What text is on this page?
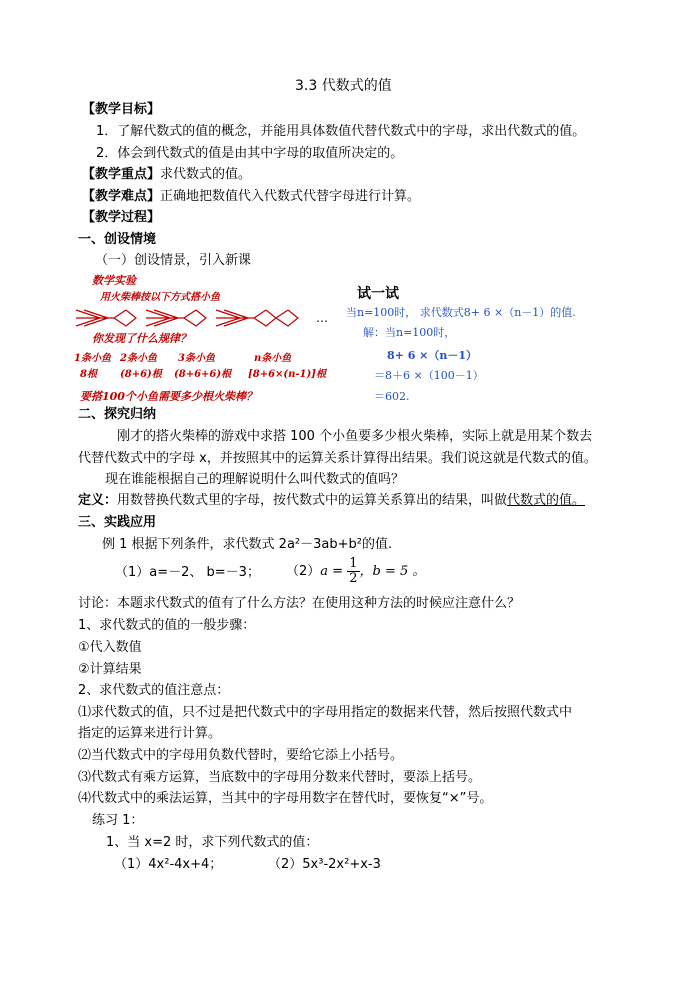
3.3 代数式的值
【教学目标】
1．了解代数式的值的概念，并能用具体数值代替代数式中的字母，求出代数式的值。
2．体会到代数式的值是由其中字母的取值所决定的。
【教学重点】求代数式的值。
【教学难点】正确地把数值代入代数式代替字母进行计算。
【教学过程】
一、创设情境
（一）创设情景，引入新课
数学实验
用火柴棒按以下方式搭小鱼
…
你发现了什么规律？
1条小鱼 2条小鱼 3条小鱼	n条小鱼
8根 (8+6)根 (8+6+6)根 [8+6×(n-1)]根
要搭100个小鱼需要多少根火柴棒？
试一试
当n=100时， 求代数式8+ 6 ×（n－1）的值.
解：当n=100时，
8+ 6 ×（n－1）
＝8＋6 ×（100－1）
＝602.
二、探究归纳
刚才的搭火柴棒的游戏中求搭 100 个小鱼要多少根火柴棒，实际上就是用某个数去
代替代数式中的字母 x，并按照其中的运算关系计算得出结果。我们说这就是代数式的值。
现在谁能根据自己的理解说明什么叫代数式的值吗？
定义：用数替换代数式里的字母，按代数式中的运算关系算出的结果，叫做代数式的值。
三、实践应用
例 1 根据下列条件，求代数式 2a²－3ab+b²的值.
（1）a=－2、 b=－3； $(2)a = \frac{1}{2}$ ，b = 5 。
讨论：本题求代数式的值有了什么方法？在使用这种方法的时候应注意什么？
1、求代数式的值的一般步骤：
①代入数值
②计算结果
2、求代数式的值注意点：
⑴求代数式的值，只不过是把代数式中的字母用指定的数据来代替，然后按照代数式中
指定的运算来进行计算。
⑵当代数式中的字母用负数代替时，要给它添上小括号。
⑶代数式有乘方运算，当底数中的字母用分数来代替时，要添上括号。
⑷代数式中的乘法运算，当其中的字母用数字在替代时，要恢复“×”号。
练习 1：
1、当 x=2 时，求下列代数式的值：
（1）4x²-4x+4；	（2）5x³-2x²+x-3
